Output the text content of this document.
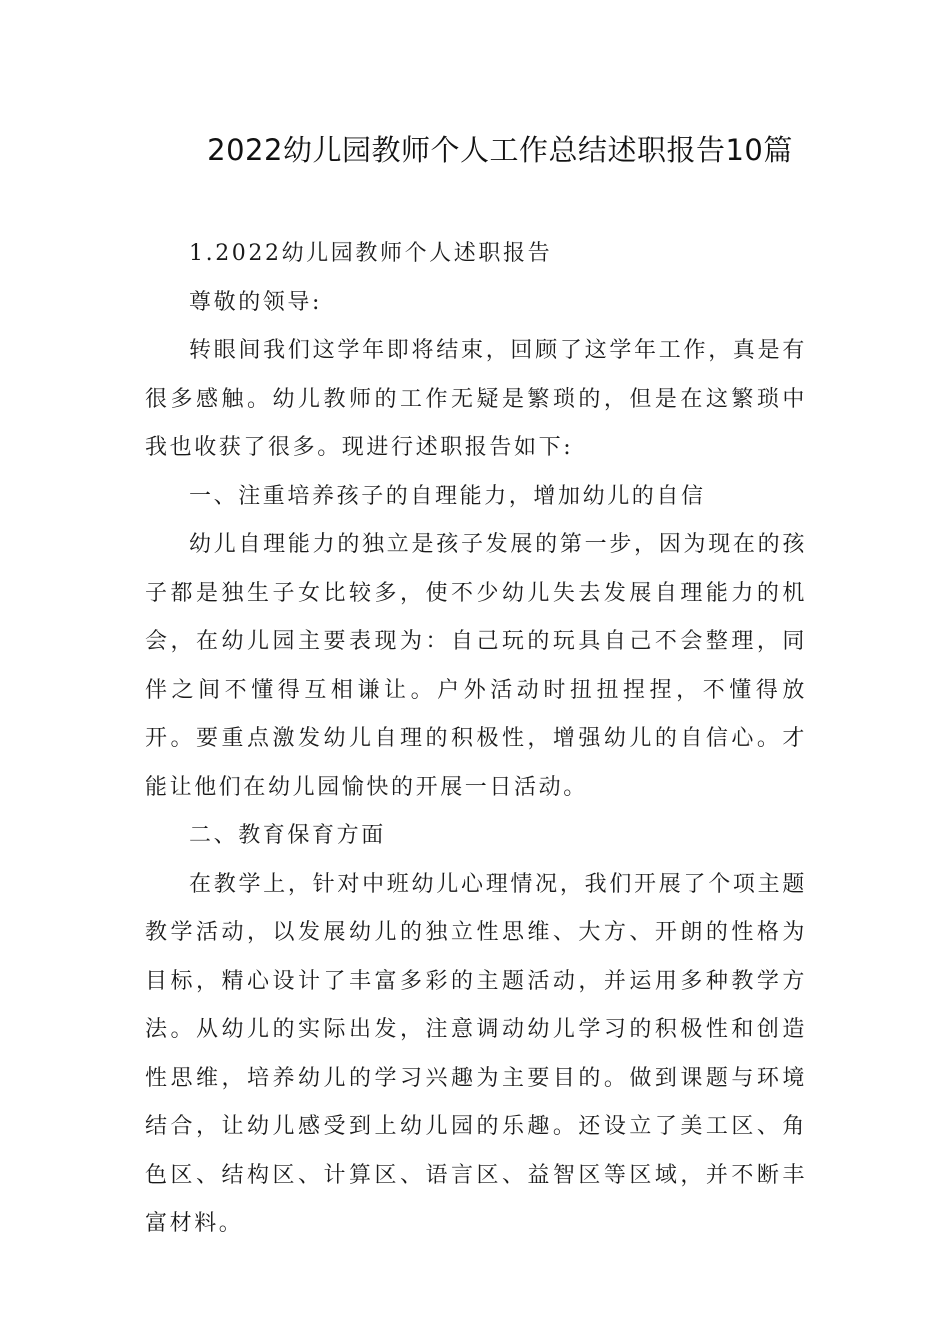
2022幼儿园教师个人工作总结述职报告10篇

1.2022幼儿园教师个人述职报告

尊敬的领导:

转眼间我们这学年即将结束，回顾了这学年工作，真是有很多感触。幼儿教师的工作无疑是繁琐的，但是在这繁琐中我也收获了很多。现进行述职报告如下:

一、注重培养孩子的自理能力，增加幼儿的自信

幼儿自理能力的独立是孩子发展的第一步，因为现在的孩子都是独生子女比较多，使不少幼儿失去发展自理能力的机会，在幼儿园主要表现为：自己玩的玩具自己不会整理，同伴之间不懂得互相谦让。户外活动时扭扭捏捏，不懂得放开。要重点激发幼儿自理的积极性，增强幼儿的自信心。才能让他们在幼儿园愉快的开展一日活动。

二、教育保育方面

在教学上，针对中班幼儿心理情况，我们开展了个项主题教学活动，以发展幼儿的独立性思维、大方、开朗的性格为目标，精心设计了丰富多彩的主题活动，并运用多种教学方法。从幼儿的实际出发，注意调动幼儿学习的积极性和创造性思维，培养幼儿的学习兴趣为主要目的。做到课题与环境结合，让幼儿感受到上幼儿园的乐趣。还设立了美工区、角色区、结构区、计算区、语言区、益智区等区域，并不断丰富材料。
